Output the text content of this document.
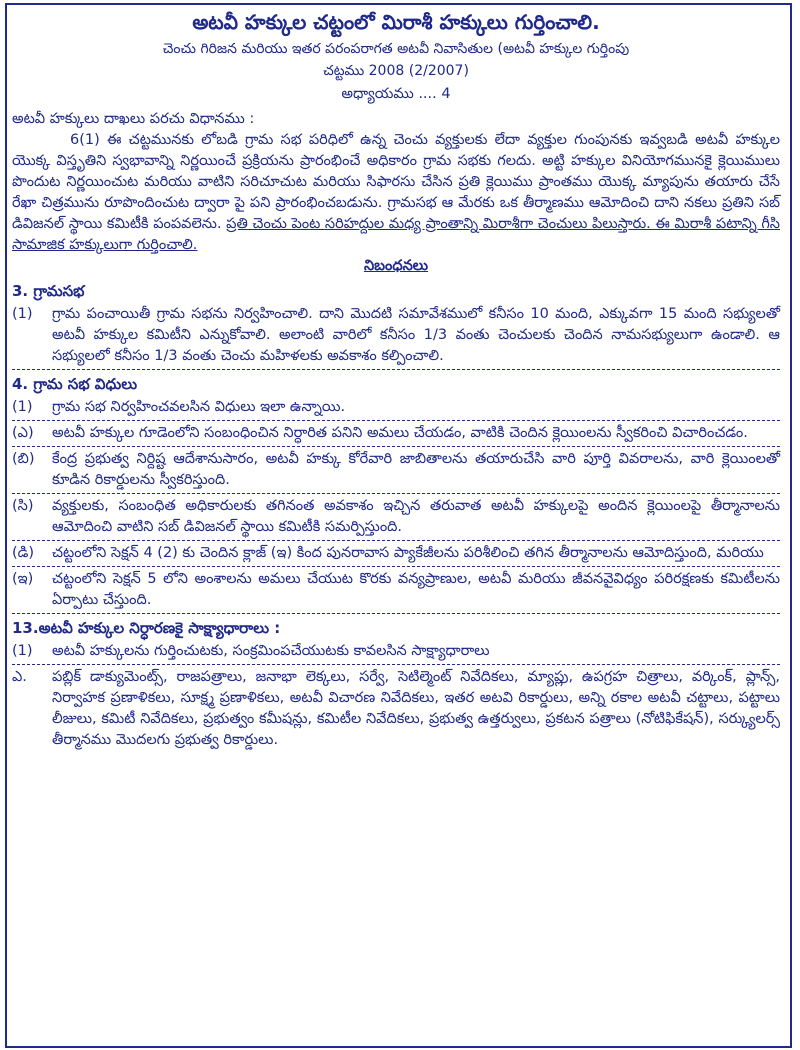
అటవీ హక్కుల చట్టంలో మిరాశీ హక్కులు గుర్తించాలి.

చెంచు గిరిజన మరియు ఇతర పరంపరాగత అటవీ నివాసితుల (అటవీ హక్కుల గుర్తింపు

చట్టము 2008 (2/2007)

అధ్యాయము .... 4

అటవీ హక్కులు దాఖలు పరచు విధానము :

6(1) ఈ చట్టమునకు లోబడి గ్రామ సభ పరిధిలో ఉన్న చెంచు వ్యక్తులకు లేదా వ్యక్తుల గుంపునకు ఇవ్వబడి అటవీ హక్కుల యొక్క విస్తృతిని స్వభావాన్ని నిర్ణయించే ప్రక్రియను ప్రారంభించే అధికారం గ్రామ సభకు గలదు. అట్టి హక్కుల వినియోగమునకై క్లెయిములు పొందుట నిర్ణయించుట మరియు వాటిని సరిచూచుట మరియు సిఫారసు చేసిన ప్రతి క్లెయిము ప్రాంతము యొక్క మ్యాపును తయారు చేసే రేఖా చిత్రమును రూపొందించుట ద్వారా పై పని ప్రారంభించబడును. గ్రామసభ ఆ మేరకు ఒక తీర్మాణము ఆమోదించి దాని నకలు ప్రతిని సబ్ డివిజనల్ స్థాయి కమిటీకి పంపవలెను. ప్రతి చెంచు పెంట సరిహద్దుల మధ్య ప్రాంతాన్ని మిరాశీగా చెంచులు పిలుస్తారు. ఈ మిరాశీ పటాన్ని గీసి సామాజిక హక్కులుగా గుర్తించాలి.

నిబంధనలు

3. గ్రామసభ
(1) గ్రామ పంచాయితీ గ్రామ సభను నిర్వహించాలి. దాని మొదటి సమావేశములో కనీసం 10 మంది, ఎక్కువగా 15 మంది సభ్యులతో అటవీ హక్కుల కమిటీని ఎన్నుకోవాలి. అలాంటి వారిలో కనీసం 1/3 వంతు చెంచులకు చెందిన నామసభ్యులుగా ఉండాలి. ఆ సభ్యులలో కనీసం 1/3 వంతు చెంచు మహిళలకు అవకాశం కల్పించాలి.
4. గ్రామ సభ విధులు
(1) గ్రామ సభ నిర్వహించవలసిన విధులు ఇలా ఉన్నాయి.
(ఎ) అటవీ హక్కుల గూడెంలోని సంబంధించిన నిర్ధారిత పనిని అమలు చేయడం, వాటికి చెందిన క్లెయింలను స్వీకరించి విచారించడం.
(బి) కేంద్ర ప్రభుత్వ నిర్దిష్ట ఆదేశానుసారం, అటవీ హక్కు కోరేవారి జాబితాలను తయారుచేసి వారి పూర్తి వివరాలను, వారి క్లెయింలతో కూడిన రికార్డులను స్వీకరిస్తుంది.
(సి) వ్యక్తులకు, సంబంధిత అధికారులకు తగినంత అవకాశం ఇచ్చిన తరువాత అటవీ హక్కులపై అందిన క్లెయింలపై తీర్మానాలను ఆమోదించి వాటిని సబ్ డివిజనల్ స్థాయి కమిటీకి సమర్పిస్తుంది.
(డి) చట్టంలోని సెక్షన్ 4 (2) కు చెందిన క్లాజ్ (ఇ) కింద పునరావాస ప్యాకేజీలను పరిశీలించి తగిన తీర్మానాలను ఆమోదిస్తుంది, మరియు
(ఇ) చట్టంలోని సెక్షన్ 5 లోని అంశాలను అమలు చేయుట కొరకు వన్యప్రాణుల, అటవీ మరియు జీవనవైవిధ్యం పరిరక్షణకు కమిటీలను ఏర్పాటు చేస్తుంది.
13.అటవీ హక్కుల నిర్ధారణకై సాక్ష్యాధారాలు :
(1) అటవీ హక్కులను గుర్తించుటకు, సంక్రమింపచేయుటకు కావలసిన సాక్ష్యాధారాలు
ఎ. పబ్లిక్ డాక్యుమెంట్స్, రాజపత్రాలు, జనాభా లెక్కలు, సర్వే, సెటిల్మెంట్ నివేదికలు, మ్యాప్లు, ఉపగ్రహ చిత్రాలు, వర్కింక్, ప్లాన్స్, నిర్వాహక ప్రణాళికలు, సూక్ష్మ ప్రణాళికలు, అటవీ విచారణ నివేదికలు, ఇతర అటవి రికార్డులు, అన్ని రకాల అటవీ చట్టాలు, పట్టాలు లీజులు, కమిటీ నివేదికలు, ప్రభుత్వం కమీషన్లు, కమిటీల నివేదికలు, ప్రభుత్వ ఉత్తర్వులు, ప్రకటన పత్రాలు (నోటిఫికేషన్), సర్క్యులర్స్ తీర్మానము మొదలగు ప్రభుత్వ రికార్డులు.
